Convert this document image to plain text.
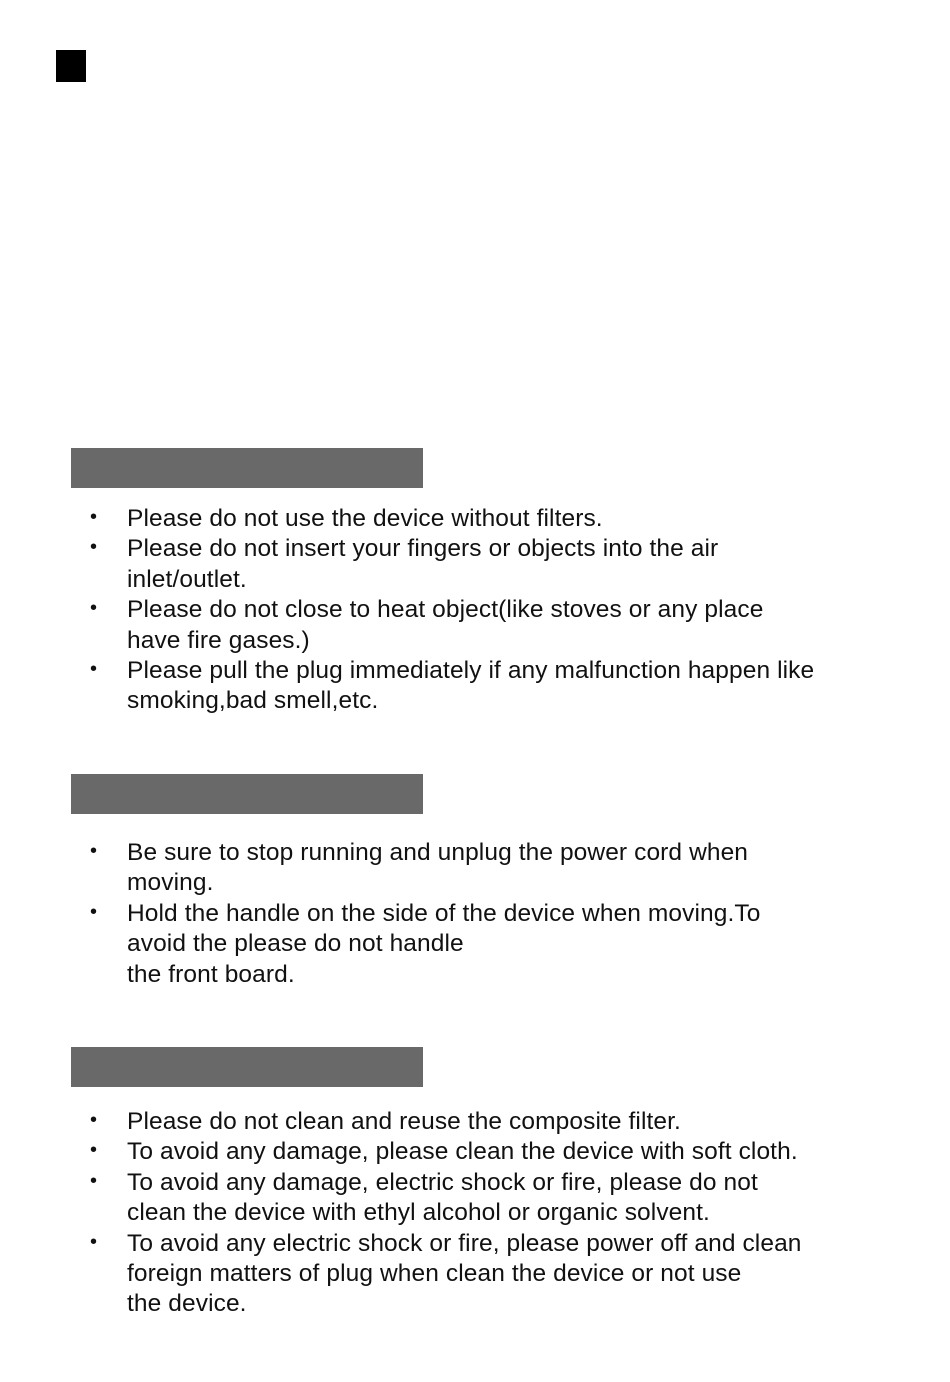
• Please do not use the device without filters.
• Please do not insert your fingers or objects into the air
inlet/outlet.
• Please do not close to heat object(like stoves or any place
have fire gases.)
• Please pull the plug immediately if any malfunction happen like
smoking,bad smell,etc.
• Be sure to stop running and unplug the power cord when
moving.
• Hold the handle on the side of the device when moving.To
avoid the please do not handle
the front board.
• Please do not clean and reuse the composite filter.
• To avoid any damage, please clean the device with soft cloth.
• To avoid any damage, electric shock or fire, please do not
clean the device with ethyl alcohol or organic solvent.
• To avoid any electric shock or fire, please power off and clean
foreign matters of plug when clean the device or not use
the device.
